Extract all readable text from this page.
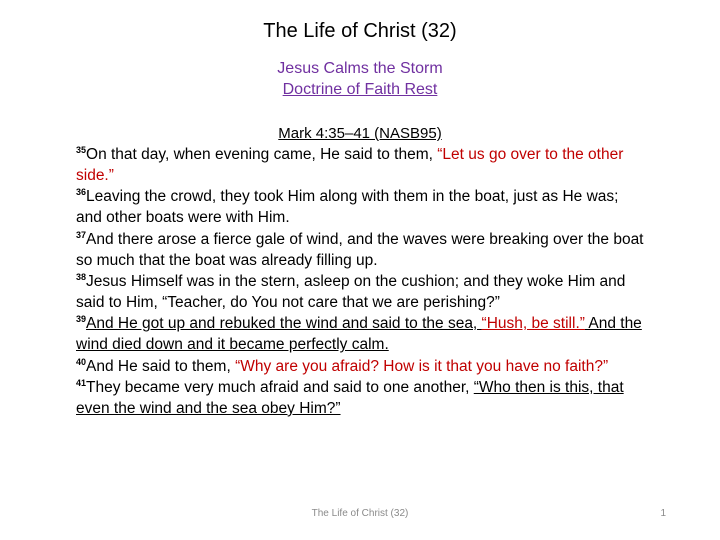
The Life of Christ (32)
Jesus Calms the Storm
Doctrine of Faith Rest
Mark 4:35–41 (NASB95)
$^{35}$On that day, when evening came, He said to them, “Let us go over to the other side.”
$^{36}$Leaving the crowd, they took Him along with them in the boat, just as He was; and other boats were with Him.
$^{37}$And there arose a fierce gale of wind, and the waves were breaking over the boat so much that the boat was already filling up.
$^{38}$Jesus Himself was in the stern, asleep on the cushion; and they woke Him and said to Him, “Teacher, do You not care that we are perishing?”
$^{39}$And He got up and rebuked the wind and said to the sea, “Hush, be still.” And the wind died down and it became perfectly calm.
$^{40}$And He said to them, “Why are you afraid? How is it that you have no faith?”
$^{41}$They became very much afraid and said to one another, “Who then is this, that even the wind and the sea obey Him?”
The Life of Christ (32)	1
